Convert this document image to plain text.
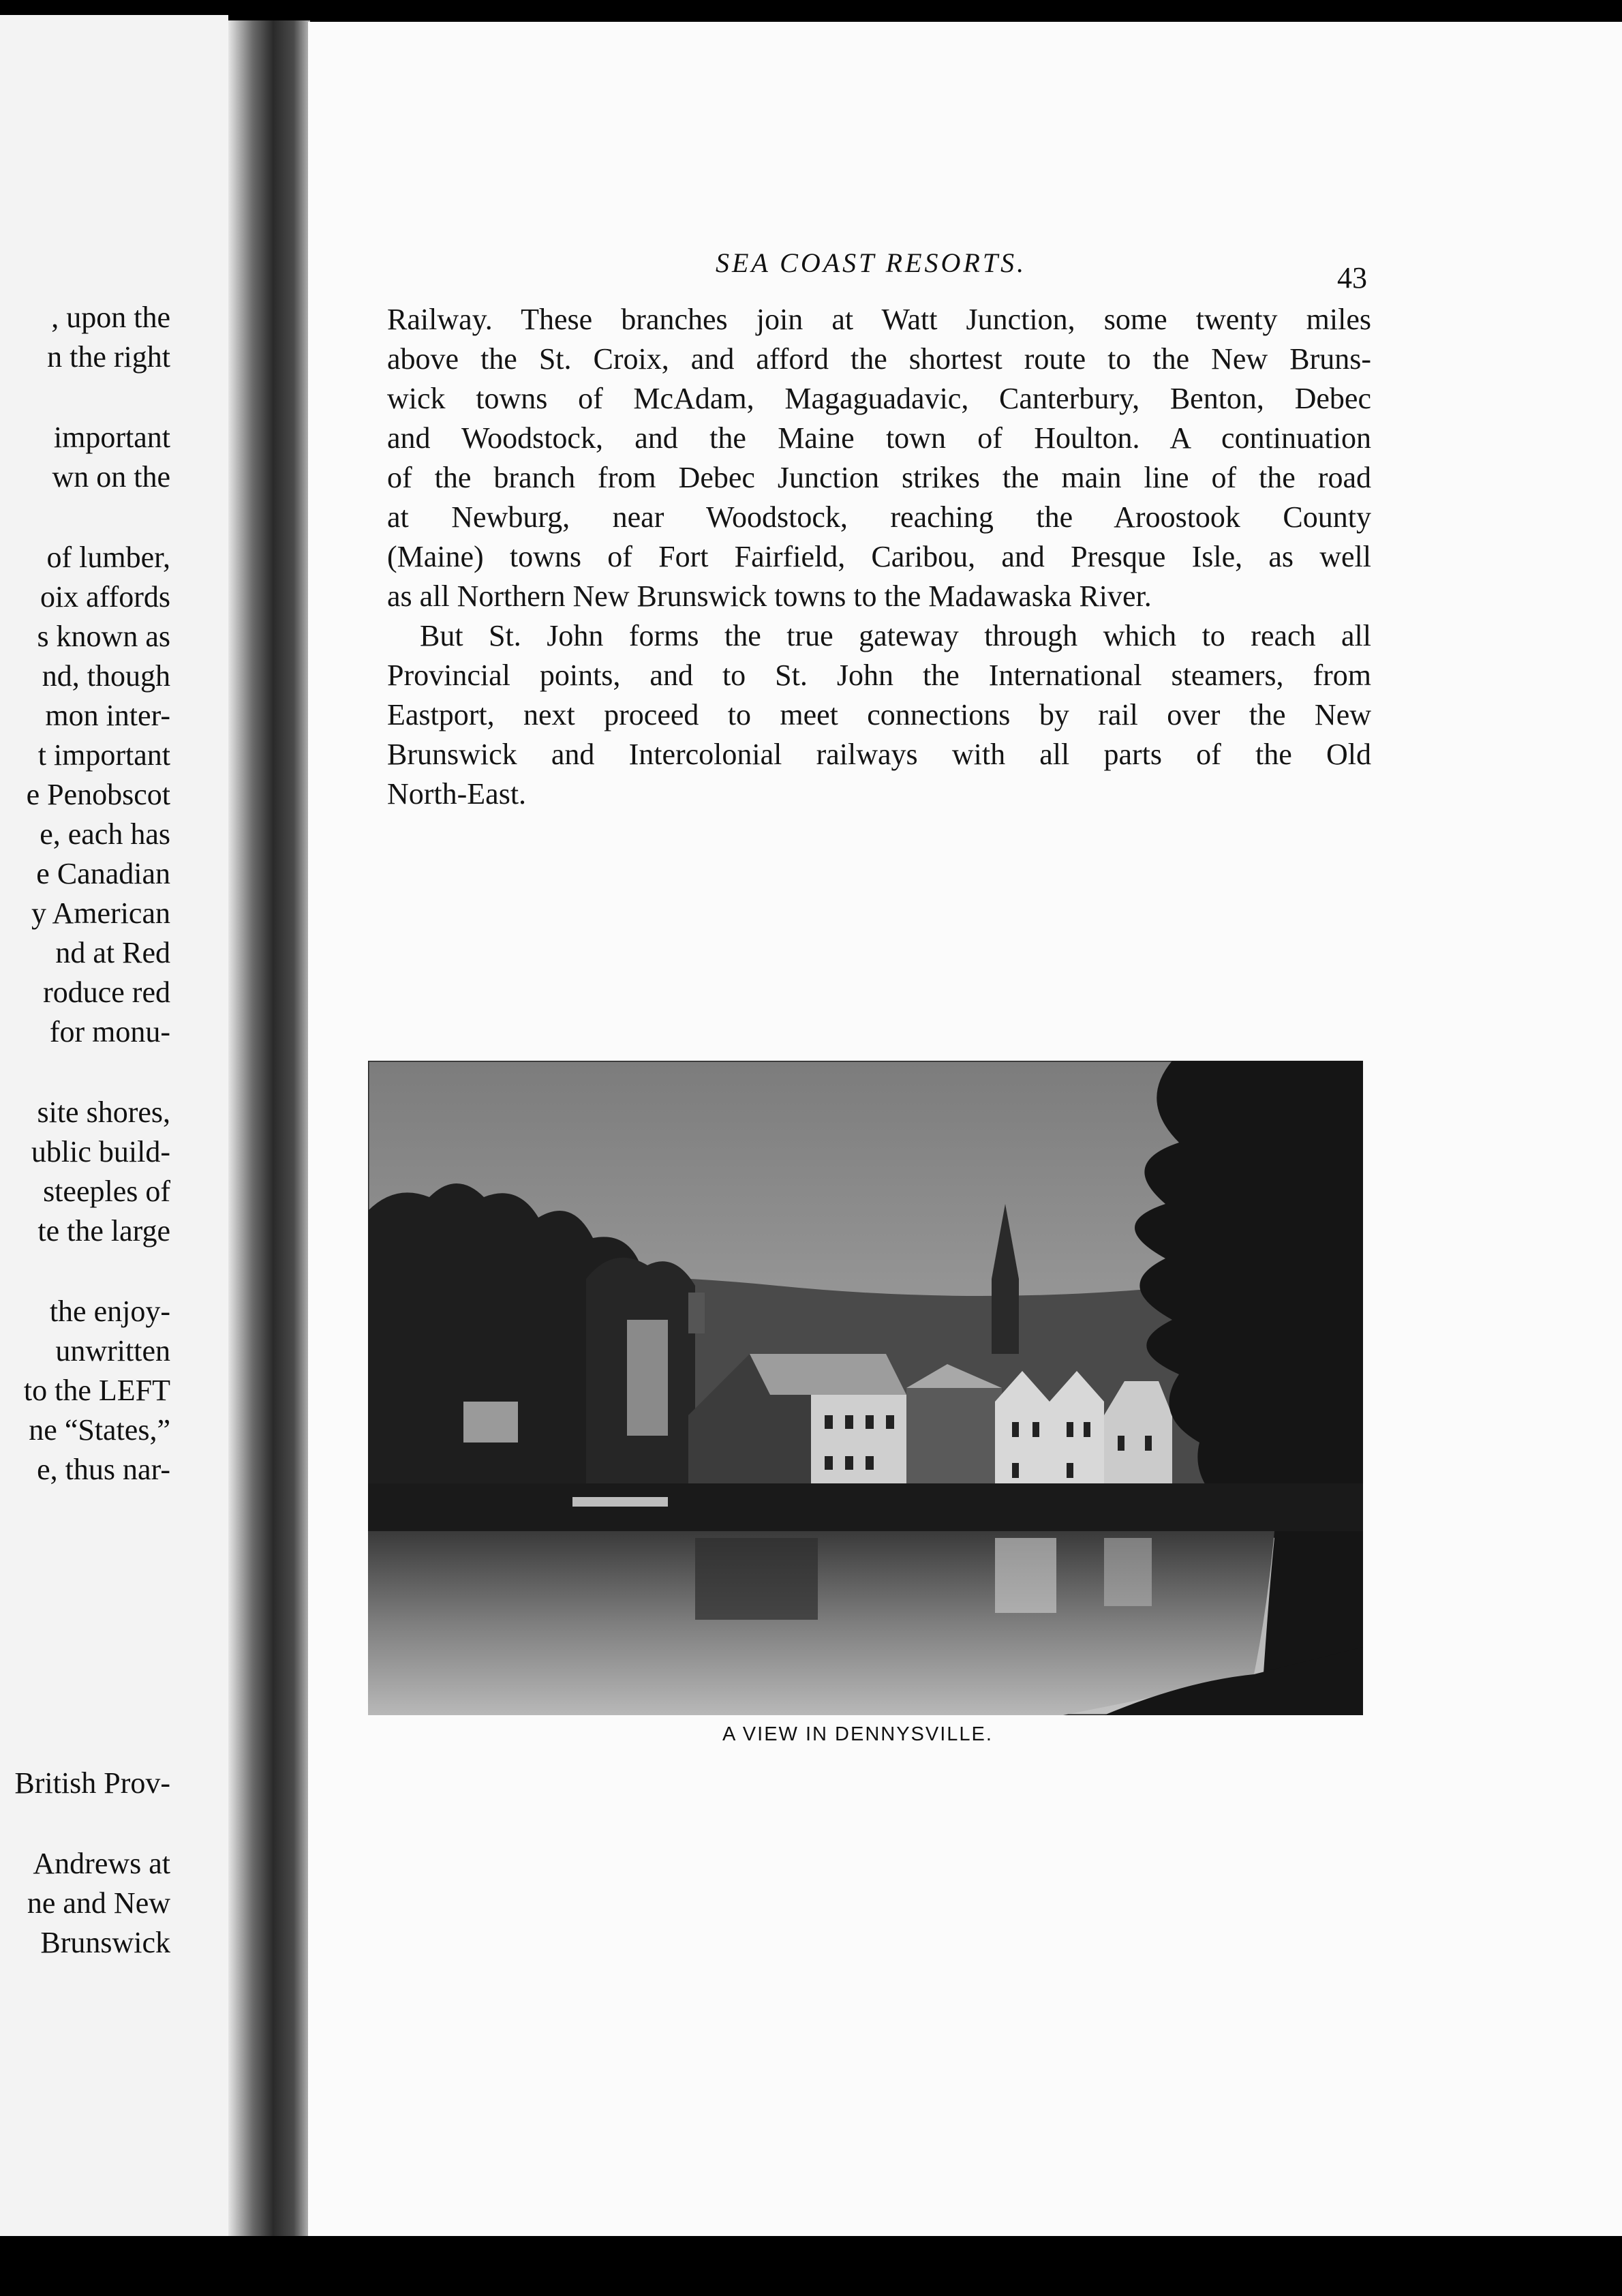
, upon the
n the right
important
wn on the
of lumber,
oix affords
s known as
nd, though
mon inter-
t important
e Penobscot
e, each has
e Canadian
y American
nd at Red
roduce red
for monu-
site shores,
ublic build-
steeples of
te the large
the enjoy-
unwritten
to the LEFT
ne “States,”
e, thus nar-
British Prov-
Andrews at
ne and New
Brunswick
SEA COAST RESORTS.	43
Railway. These branches join at Watt Junction, some twenty miles
above the St. Croix, and afford the shortest route to the New Bruns-
wick towns of McAdam, Magaguadavic, Canterbury, Benton, Debec
and Woodstock, and the Maine town of Houlton. A continuation
of the branch from Debec Junction strikes the main line of the road
at Newburg, near Woodstock, reaching the Aroostook County
(Maine) towns of Fort Fairfield, Caribou, and Presque Isle, as well
as all Northern New Brunswick towns to the Madawaska River.
But St. John forms the true gateway through which to reach all
Provincial points, and to St. John the International steamers, from
Eastport, next proceed to meet connections by rail over the New
Brunswick and Intercolonial railways with all parts of the Old
North-East.
A VIEW IN DENNYSVILLE.
